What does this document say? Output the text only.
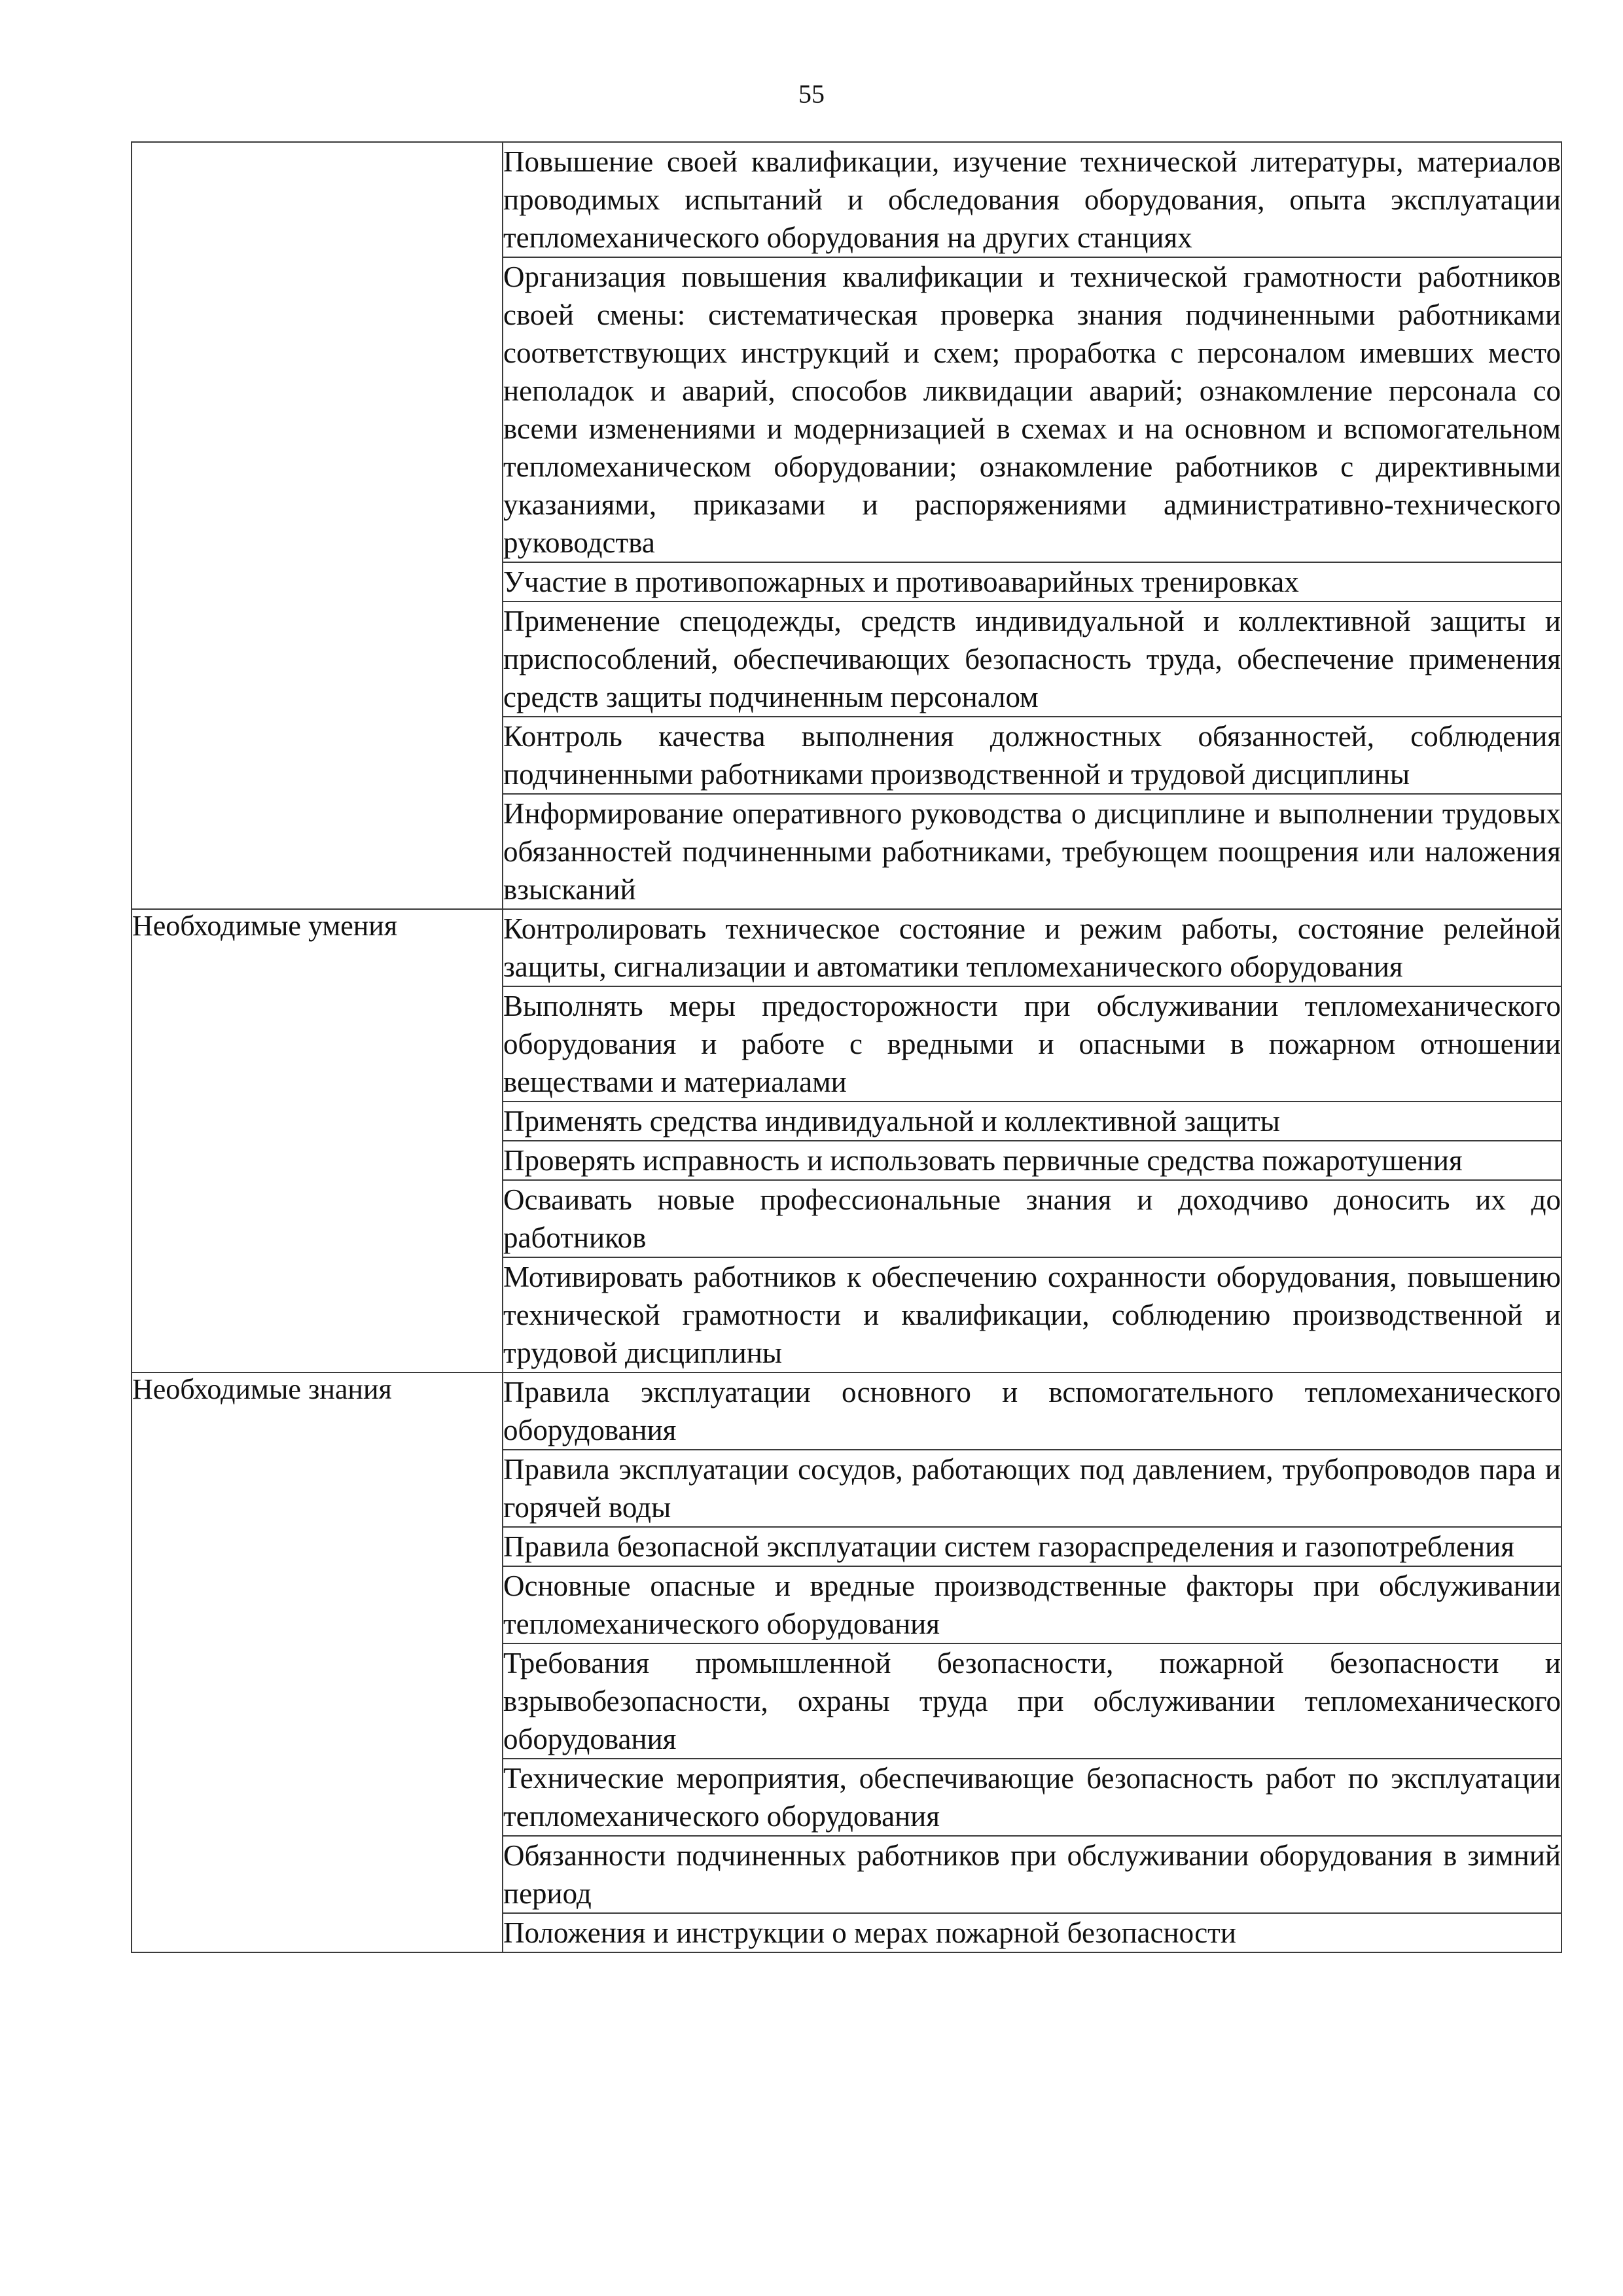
55
	Повышение своей квалификации, изучение технической литературы, материалов проводимых испытаний и обследования оборудования, опыта эксплуатации тепломеханического оборудования на других станциях
	Организация повышения квалификации и технической грамотности работников своей смены: систематическая проверка знания подчиненными работниками соответствующих инструкций и схем; проработка с персоналом имевших место неполадок и аварий, способов ликвидации аварий; ознакомление персонала со всеми изменениями и модернизацией в схемах и на основном и вспомогательном тепломеханическом оборудовании; ознакомление работников с директивными указаниями, приказами и распоряжениями административно-технического руководства
	Участие в противопожарных и противоаварийных тренировках
	Применение спецодежды, средств индивидуальной и коллективной защиты и приспособлений, обеспечивающих безопасность труда, обеспечение применения средств защиты подчиненным персоналом
	Контроль качества выполнения должностных обязанностей, соблюдения подчиненными работниками производственной и трудовой дисциплины
	Информирование оперативного руководства о дисциплине и выполнении трудовых обязанностей подчиненными работниками, требующем поощрения или наложения взысканий
Необходимые умения	Контролировать техническое состояние и режим работы, состояние релейной защиты, сигнализации и автоматики тепломеханического оборудования
	Выполнять меры предосторожности при обслуживании тепломеханического оборудования и работе с вредными и опасными в пожарном отношении веществами и материалами
	Применять средства индивидуальной и коллективной защиты
	Проверять исправность и использовать первичные средства пожаротушения
	Осваивать новые профессиональные знания и доходчиво доносить их до работников
	Мотивировать работников к обеспечению сохранности оборудования, повышению технической грамотности и квалификации, соблюдению производственной и трудовой дисциплины
Необходимые знания	Правила эксплуатации основного и вспомогательного тепломеханического оборудования
	Правила эксплуатации сосудов, работающих под давлением, трубопроводов пара и горячей воды
	Правила безопасной эксплуатации систем газораспределения и газопотребления
	Основные опасные и вредные производственные факторы при обслуживании тепломеханического оборудования
	Требования промышленной безопасности, пожарной безопасности и взрывобезопасности, охраны труда при обслуживании тепломеханического оборудования
	Технические мероприятия, обеспечивающие безопасность работ по эксплуатации тепломеханического оборудования
	Обязанности подчиненных работников при обслуживании оборудования в зимний период
	Положения и инструкции о мерах пожарной безопасности
